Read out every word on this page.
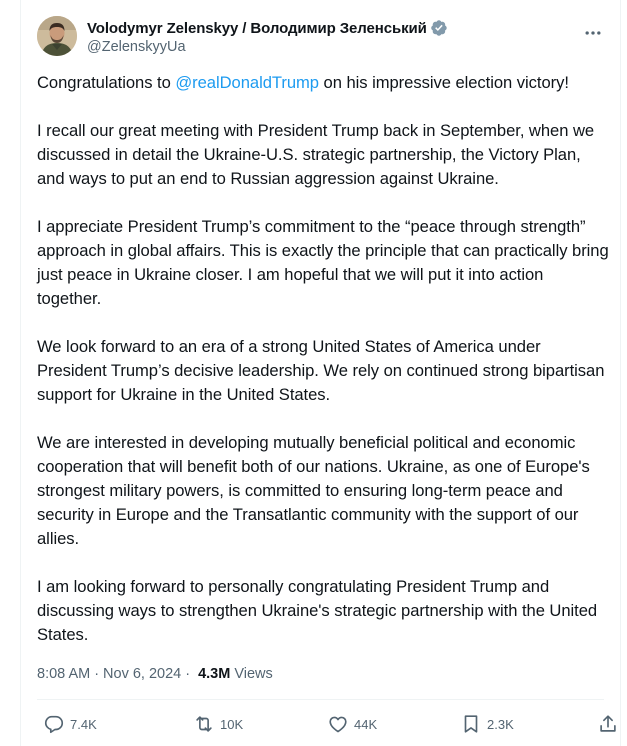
Volodymyr Zelenskyy / Володимир Зеленський
@ZelenskyyUa

Congratulations to @realDonaldTrump on his impressive election victory!

I recall our great meeting with President Trump back in September, when we discussed in detail the Ukraine-U.S. strategic partnership, the Victory Plan, and ways to put an end to Russian aggression against Ukraine.

I appreciate President Trump’s commitment to the “peace through strength” approach in global affairs. This is exactly the principle that can practically bring just peace in Ukraine closer. I am hopeful that we will put it into action together.

We look forward to an era of a strong United States of America under President Trump’s decisive leadership. We rely on continued strong bipartisan support for Ukraine in the United States.

We are interested in developing mutually beneficial political and economic cooperation that will benefit both of our nations. Ukraine, as one of Europe's strongest military powers, is committed to ensuring long-term peace and security in Europe and the Transatlantic community with the support of our allies.

I am looking forward to personally congratulating President Trump and discussing ways to strengthen Ukraine's strategic partnership with the United States.

8:08 AM · Nov 6, 2024 · 4.3M Views
7.4K	10K	44K	2.3K
